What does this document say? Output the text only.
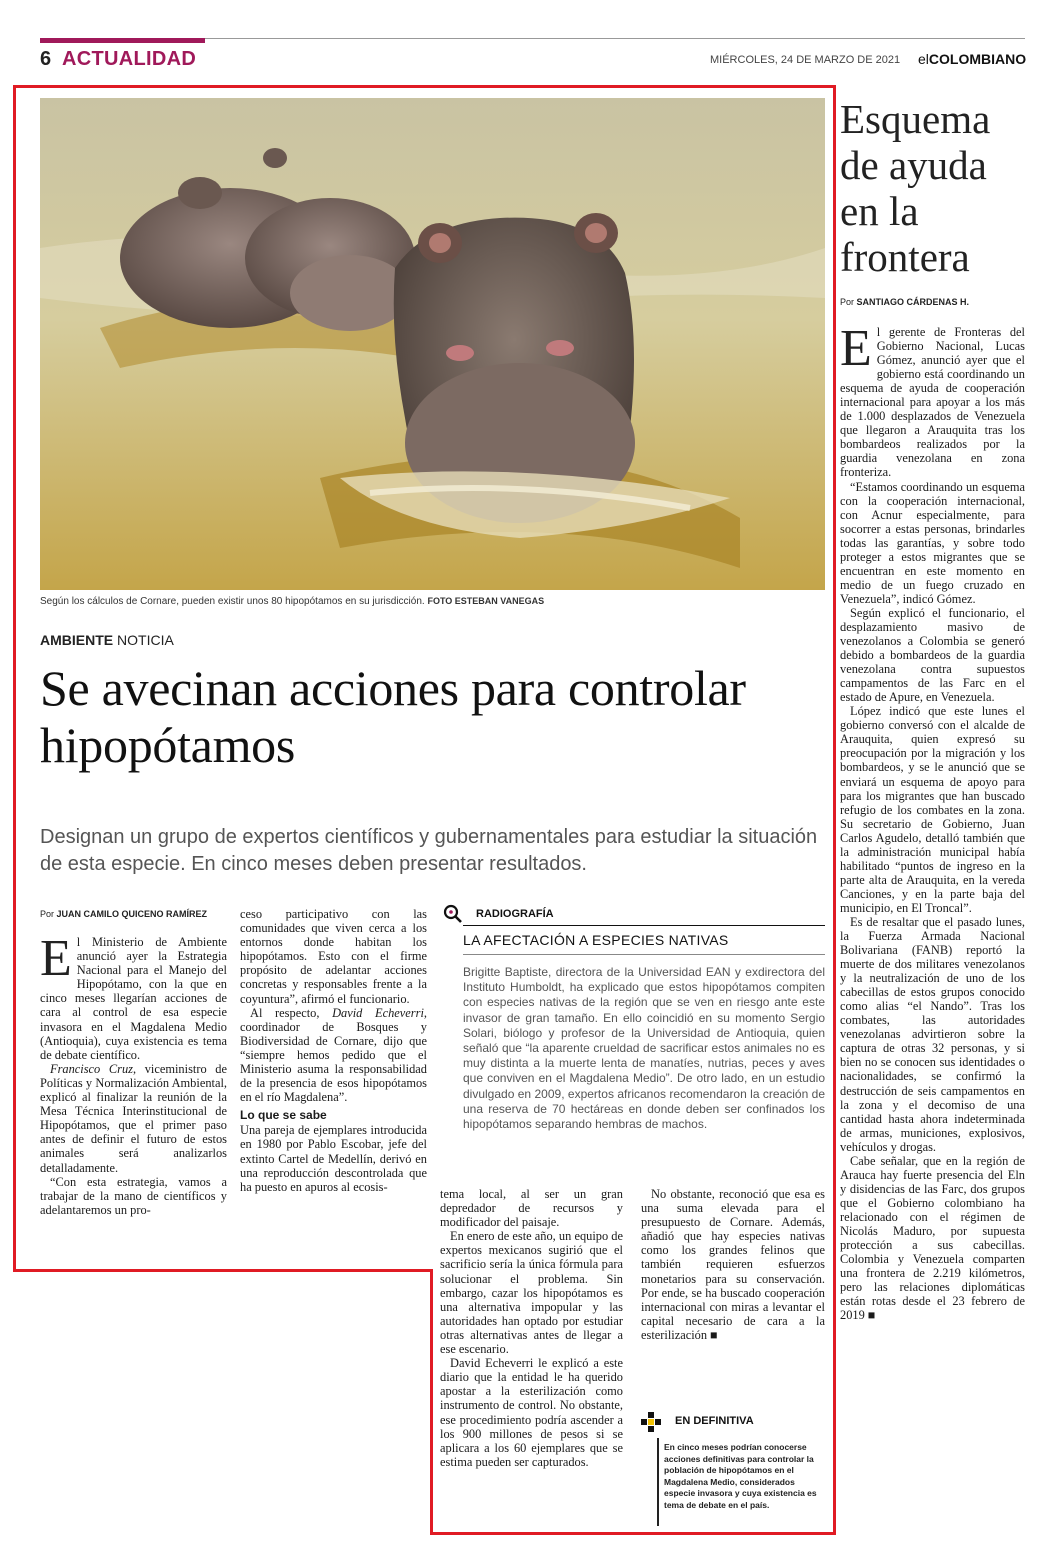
6 ACTUALIDAD	MIÉRCOLES, 24 DE MARZO DE 2021 elCOLOMBIANO
Según los cálculos de Cornare, pueden existir unos 80 hipopótamos en su jurisdicción. FOTO ESTEBAN VANEGAS
AMBIENTE NOTICIA
Se avecinan acciones para controlar hipopótamos
Designan un grupo de expertos científicos y gubernamentales para estudiar la situación de esta especie. En cinco meses deben presentar resultados.
Por JUAN CAMILO QUICENO RAMÍREZ

El Ministerio de Ambiente anunció ayer la Estrategia Nacional para el Manejo del Hipopótamo, con la que en cinco meses llegarían acciones de cara al control de esa especie invasora en el Magdalena Medio (Antioquia), cuya existencia es tema de debate científico.

Francisco Cruz, viceministro de Políticas y Normalización Ambiental, explicó al finalizar la reunión de la Mesa Técnica Interinstitucional de Hipopótamos, que el primer paso antes de definir el futuro de estos animales será analizarlos detalladamente.

“Con esta estrategia, vamos a trabajar de la mano de científicos y adelantaremos un pro-

ceso participativo con las comunidades que viven cerca a los entornos donde habitan los hipopótamos. Esto con el firme propósito de adelantar acciones concretas y responsables frente a la coyuntura”, afirmó el funcionario.

Al respecto, David Echeverri, coordinador de Bosques y Biodiversidad de Cornare, dijo que “siempre hemos pedido que el Ministerio asuma la responsabilidad de la presencia de esos hipopótamos en el río Magdalena”.

Lo que se sabe

Una pareja de ejemplares introducida en 1980 por Pablo Escobar, jefe del extinto Cartel de Medellín, derivó en una reproducción descontrolada que ha puesto en apuros al ecosis-

RADIOGRAFÍA
LA AFECTACIÓN A ESPECIES NATIVAS
Brigitte Baptiste, directora de la Universidad EAN y exdirectora del Instituto Humboldt, ha explicado que estos hipopótamos compiten con especies nativas de la región que se ven en riesgo ante este invasor de gran tamaño. En ello coincidió en su momento Sergio Solari, biólogo y profesor de la Universidad de Antioquia, quien señaló que “la aparente crueldad de sacrificar estos animales no es muy distinta a la muerte lenta de manatíes, nutrias, peces y aves que conviven en el Magdalena Medio”. De otro lado, en un estudio divulgado en 2009, expertos africanos recomendaron la creación de una reserva de 70 hectáreas en donde deben ser confinados los hipopótamos separando hembras de machos.

tema local, al ser un gran depredador de recursos y modificador del paisaje.

En enero de este año, un equipo de expertos mexicanos sugirió que el sacrificio sería la única fórmula para solucionar el problema. Sin embargo, cazar los hipopótamos es una alternativa impopular y las autoridades han optado por estudiar otras alternativas antes de llegar a ese escenario.

David Echeverri le explicó a este diario que la entidad le ha querido apostar a la esterilización como instrumento de control. No obstante, ese procedimiento podría ascender a los 900 millones de pesos si se aplicara a los 60 ejemplares que se estima pueden ser capturados.

No obstante, reconoció que esa es una suma elevada para el presupuesto de Cornare. Además, añadió que hay especies nativas como los grandes felinos que también requieren esfuerzos monetarios para su conservación. Por ende, se ha buscado cooperación internacional con miras a levantar el capital necesario de cara a la esterilización ■

EN DEFINITIVA
En cinco meses podrían conocerse acciones definitivas para controlar la población de hipopótamos en el Magdalena Medio, considerados especie invasora y cuya existencia es tema de debate en el país.
Esquema de ayuda en la frontera
Por SANTIAGO CÁRDENAS H.

El gerente de Fronteras del Gobierno Nacional, Lucas Gómez, anunció ayer que el gobierno está coordinando un esquema de ayuda de cooperación internacional para apoyar a los más de 1.000 desplazados de Venezuela que llegaron a Arauquita tras los bombardeos realizados por la guardia venezolana en zona fronteriza.

“Estamos coordinando un esquema con la cooperación internacional, con Acnur especialmente, para socorrer a estas personas, brindarles todas las garantías, y sobre todo proteger a estos migrantes que se encuentran en este momento en medio de un fuego cruzado en Venezuela”, indicó Gómez.

Según explicó el funcionario, el desplazamiento masivo de venezolanos a Colombia se generó debido a bombardeos de la guardia venezolana contra supuestos campamentos de las Farc en el estado de Apure, en Venezuela.

López indicó que este lunes el gobierno conversó con el alcalde de Arauquita, quien expresó su preocupación por la migración y los bombardeos, y se le anunció que se enviará un esquema de apoyo para para los migrantes que han buscado refugio de los combates en la zona. Su secretario de Gobierno, Juan Carlos Agudelo, detalló también que la administración municipal había habilitado “puntos de ingreso en la parte alta de Arauquita, en la vereda Canciones, y en la parte baja del municipio, en El Troncal”.

Es de resaltar que el pasado lunes, la Fuerza Armada Nacional Bolivariana (FANB) reportó la muerte de dos militares venezolanos y la neutralización de uno de los cabecillas de estos grupos conocido como alias “el Nando”. Tras los combates, las autoridades venezolanas advirtieron sobre la captura de otras 32 personas, y si bien no se conocen sus identidades o nacionalidades, se confirmó la destrucción de seis campamentos en la zona y el decomiso de una cantidad hasta ahora indeterminada de armas, municiones, explosivos, vehículos y drogas.

Cabe señalar, que en la región de Arauca hay fuerte presencia del Eln y disidencias de las Farc, dos grupos que el Gobierno colombiano ha relacionado con el régimen de Nicolás Maduro, por supuesta protección a sus cabecillas. Colombia y Venezuela comparten una frontera de 2.219 kilómetros, pero las relaciones diplomáticas están rotas desde el 23 febrero de 2019 ■
